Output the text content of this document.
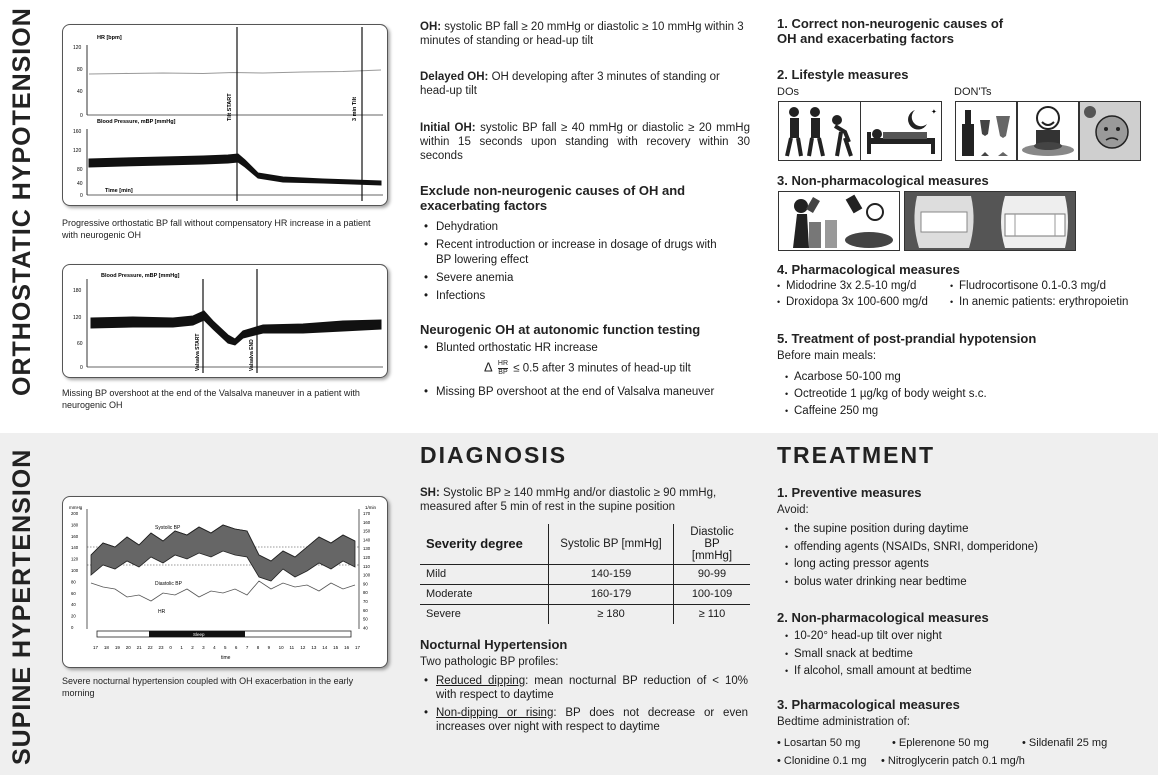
ORTHOSTATIC HYPOTENSION
SUPINE HYPERTENSION
HR [bpm]
120
80
40
0
Blood Pressure, mBP [mmHg]
160
120
80
40
0
Tilt START	3 min Tilt
Time [min]
Progressive orthostatic BP fall without compensatory HR increase in a patient with neurogenic OH
Blood Pressure, mBP [mmHg]
180
120
60
0	Valsalva START	Valsalva END
Missing BP overshoot at the end of the Valsalva maneuver in a patient with neurogenic OH
OH: systolic BP fall ≥ 20 mmHg or diastolic ≥ 10 mmHg within 3 minutes of standing or head-up tilt
Delayed OH: OH developing after 3 minutes of standing or head-up tilt
Initial OH: systolic BP fall ≥ 40 mmHg or diastolic ≥ 20 mmHg within 15 seconds upon standing with recovery within 30 seconds
Exclude non-neurogenic causes of OH and exacerbating factors
• Dehydration
• Recent introduction or increase in dosage of drugs with BP lowering effect
• Severe anemia
• Infections
Neurogenic OH at autonomic function testing
• Blunted orthostatic HR increase
Δ $\frac{HR}{BP} \le 0.5$ after 3 minutes of head-up tilt
• Missing BP overshoot at the end of Valsalva maneuver
1. Correct non-neurogenic causes of OH and exacerbating factors
2. Lifestyle measures
DOs	DON'Ts
✦
3. Non-pharmacological measures
4. Pharmacological measures
• Midodrine 3x 2.5-10 mg/d
• Droxidopa 3x 100-600 mg/d
• Fludrocortisone 0.1-0.3 mg/d
• In anemic patients: erythropoietin
5. Treatment of post-prandial hypotension
Before main meals:
• Acarbose 50-100 mg
• Octreotide 1 µg/kg of body weight s.c.
• Caffeine 250 mg
mmHg	1/min
200
180
160
140
120
100
80
60
40
20
0
170
160
150
140
130
120
110
100
90
80
70
60
50
40
Systolic BP
Diastolic BP
HR
Sleep
17 18 19 20 21 22 23 0 1 2 3 4 5 6 7 8 9 10 11 12 13 14 15 16 17
time
Severe nocturnal hypertension coupled with OH exacerbation in the early morning
DIAGNOSIS
SH: Systolic BP ≥ 140 mmHg and/or diastolic ≥ 90 mmHg, measured after 5 min of rest in the supine position
Severity degree	Systolic BP [mmHg]	Diastolic BP [mmHg]
Mild	140-159	90-99
Moderate	160-179	100-109
Severe	≥ 180	≥ 110
Nocturnal Hypertension
Two pathologic BP profiles:
• Reduced dipping: mean nocturnal BP reduction of < 10% with respect to daytime
• Non-dipping or rising: BP does not decrease or even increases over night with respect to daytime
TREATMENT
1. Preventive measures
Avoid:
• the supine position during daytime
• offending agents (NSAIDs, SNRI, domperidone)
• long acting pressor agents
• bolus water drinking near bedtime
2. Non-pharmacological measures
• 10-20° head-up tilt over night
• Small snack at bedtime
• If alcohol, small amount at bedtime
3. Pharmacological measures
Bedtime administration of:
• Losartan 50 mg	• Eplerenone 50 mg	• Sildenafil 25 mg
• Clonidine 0.1 mg • Nitroglycerin patch 0.1 mg/h
